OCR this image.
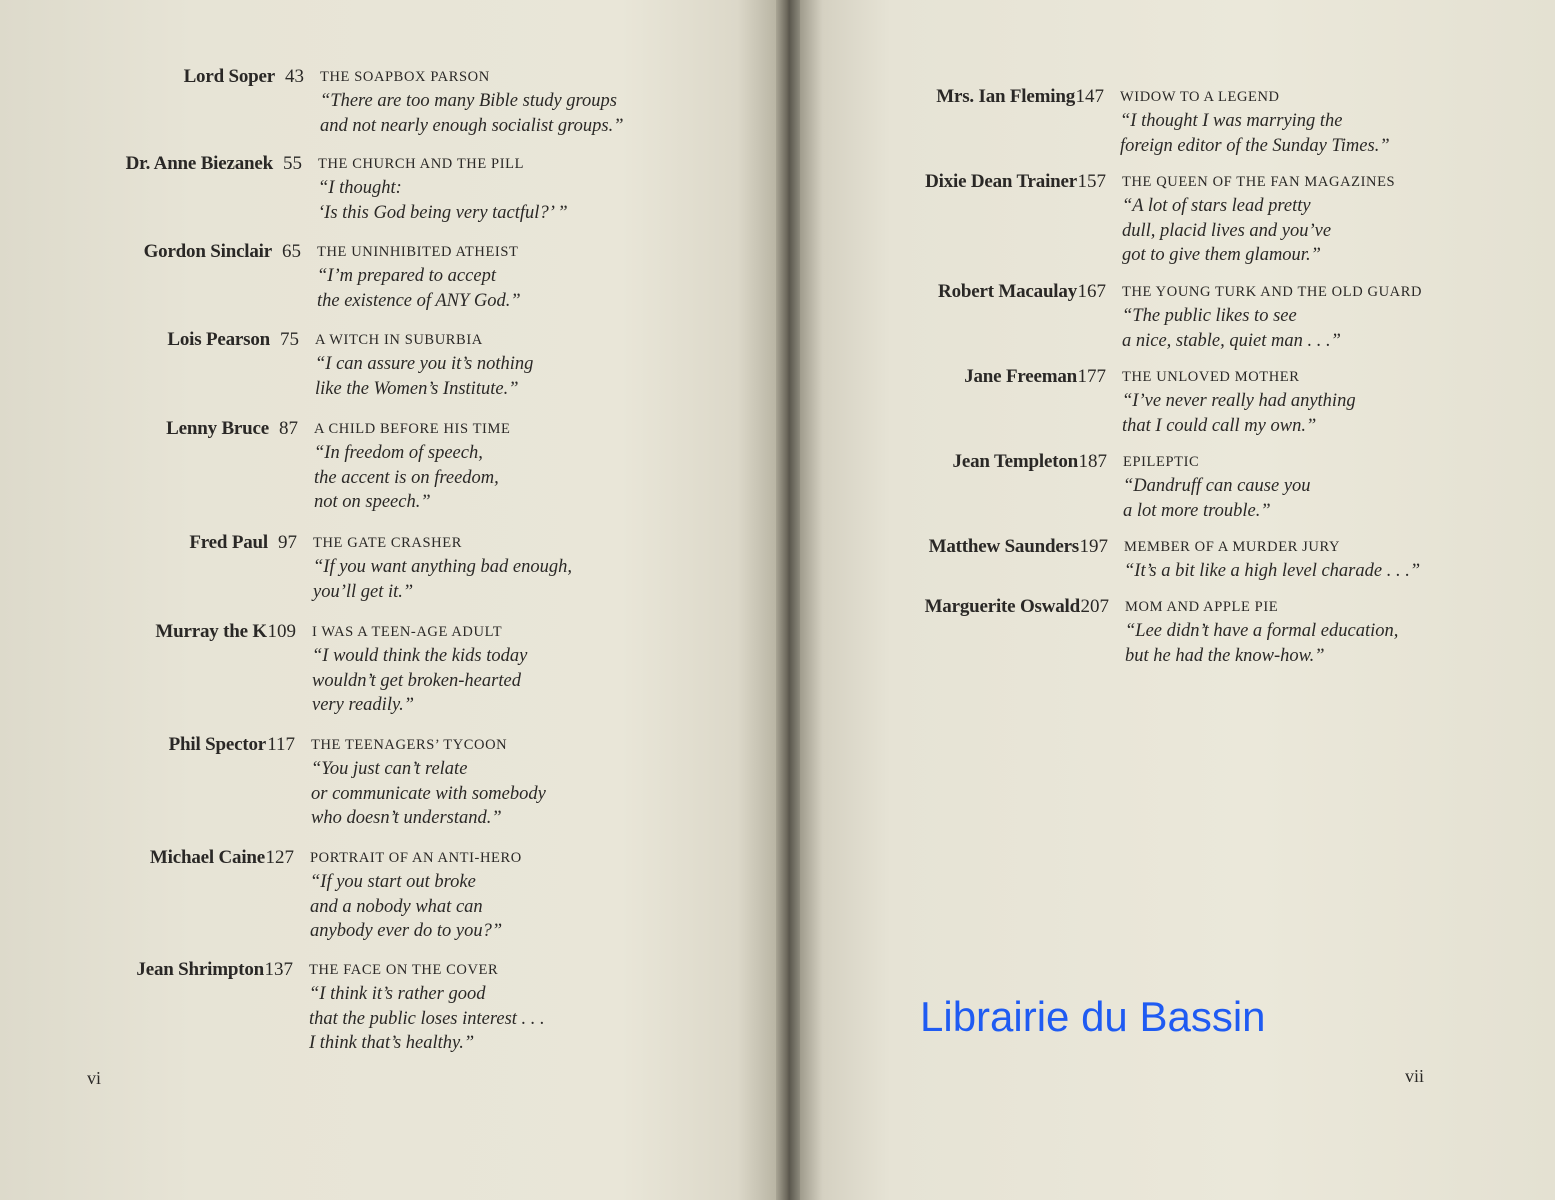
Lord Soper 43 THE SOAPBOX PARSON
“There are too many Bible study groups
and not nearly enough socialist groups.”
Dr. Anne Biezanek 55 THE CHURCH AND THE PILL
“I thought:
‘Is this God being very tactful?’ ”
Gordon Sinclair 65 THE UNINHIBITED ATHEIST
“I’m prepared to accept
the existence of ANY God.”
Lois Pearson 75 A WITCH IN SUBURBIA
“I can assure you it’s nothing
like the Women’s Institute.”
Lenny Bruce 87 A CHILD BEFORE HIS TIME
“In freedom of speech,
the accent is on freedom,
not on speech.”
Fred Paul 97 THE GATE CRASHER
“If you want anything bad enough,
you’ll get it.”
Murray the K 109 I WAS A TEEN-AGE ADULT
“I would think the kids today
wouldn’t get broken-hearted
very readily.”
Phil Spector 117 THE TEENAGERS’ TYCOON
“You just can’t relate
or communicate with somebody
who doesn’t understand.”
Michael Caine 127 PORTRAIT OF AN ANTI-HERO
“If you start out broke
and a nobody what can
anybody ever do to you?”
Jean Shrimpton 137 THE FACE ON THE COVER
“I think it’s rather good
that the public loses interest . . .
I think that’s healthy.”
vi
Mrs. Ian Fleming 147 WIDOW TO A LEGEND
“I thought I was marrying the
foreign editor of the Sunday Times.”
Dixie Dean Trainer 157 THE QUEEN OF THE FAN MAGAZINES
“A lot of stars lead pretty
dull, placid lives and you’ve
got to give them glamour.”
Robert Macaulay 167 THE YOUNG TURK AND THE OLD GUARD
“The public likes to see
a nice, stable, quiet man . . .”
Jane Freeman 177 THE UNLOVED MOTHER
“I’ve never really had anything
that I could call my own.”
Jean Templeton 187 EPILEPTIC
“Dandruff can cause you
a lot more trouble.”
Matthew Saunders 197 MEMBER OF A MURDER JURY
“It’s a bit like a high level charade . . .”
Marguerite Oswald 207 MOM AND APPLE PIE
“Lee didn’t have a formal education,
but he had the know-how.”
Librairie du Bassin
vii
